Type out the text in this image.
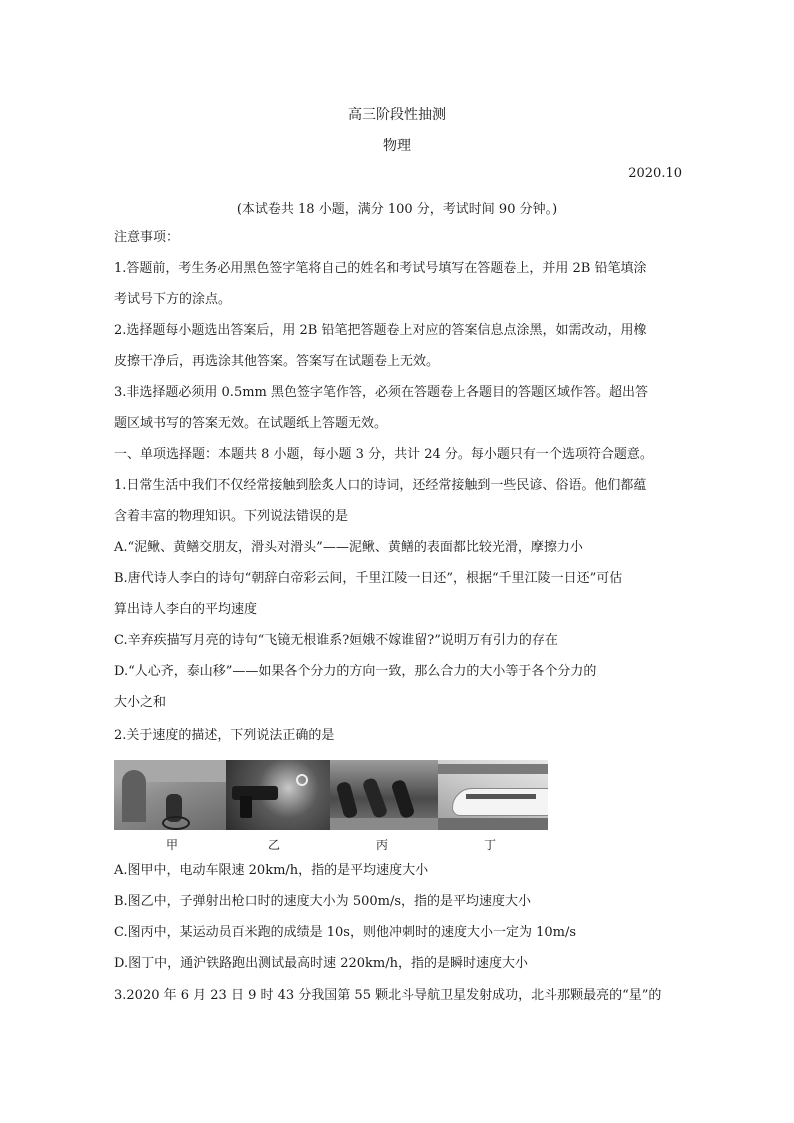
高三阶段性抽测
物理
2020.10
(本试卷共 18 小题，满分 100 分，考试时间 90 分钟。)
注意事项：
1.答题前，考生务必用黑色签字笔将自己的姓名和考试号填写在答题卷上，并用 2B 铅笔填涂
考试号下方的涂点。
2.选择题每小题选出答案后，用 2B 铅笔把答题卷上对应的答案信息点涂黑，如需改动，用橡
皮擦干净后，再选涂其他答案。答案写在试题卷上无效。
3.非选择题必须用 0.5mm 黑色签字笔作答，必须在答题卷上各题目的答题区域作答。超出答
题区域书写的答案无效。在试题纸上答题无效。
一、单项选择题：本题共 8 小题，每小题 3 分，共计 24 分。每小题只有一个选项符合题意。
1.日常生活中我们不仅经常接触到脍炙人口的诗词，还经常接触到一些民谚、俗语。他们都蕴
含着丰富的物理知识。下列说法错误的是
A.“泥鳅、黄鳝交朋友，滑头对滑头”——泥鳅、黄鳝的表面都比较光滑，摩擦力小
B.唐代诗人李白的诗句“朝辞白帝彩云间，千里江陵一日还”，根据“千里江陵一日还”可估
算出诗人李白的平均速度
C.辛弃疾描写月亮的诗句“飞镜无根谁系?姮娥不嫁谁留?”说明万有引力的存在
D.“人心齐，泰山移”——如果各个分力的方向一致，那么合力的大小等于各个分力的
大小之和
2.关于速度的描述，下列说法正确的是
甲	乙	丙	丁
A.图甲中，电动车限速 20km/h，指的是平均速度大小
B.图乙中，子弹射出枪口时的速度大小为 500m/s，指的是平均速度大小
C.图丙中，某运动员百米跑的成绩是 10s，则他冲刺时的速度大小一定为 10m/s
D.图丁中，通沪铁路跑出测试最高时速 220km/h，指的是瞬时速度大小
3.2020 年 6 月 23 日 9 时 43 分我国第 55 颗北斗导航卫星发射成功，北斗那颗最亮的“星”的
